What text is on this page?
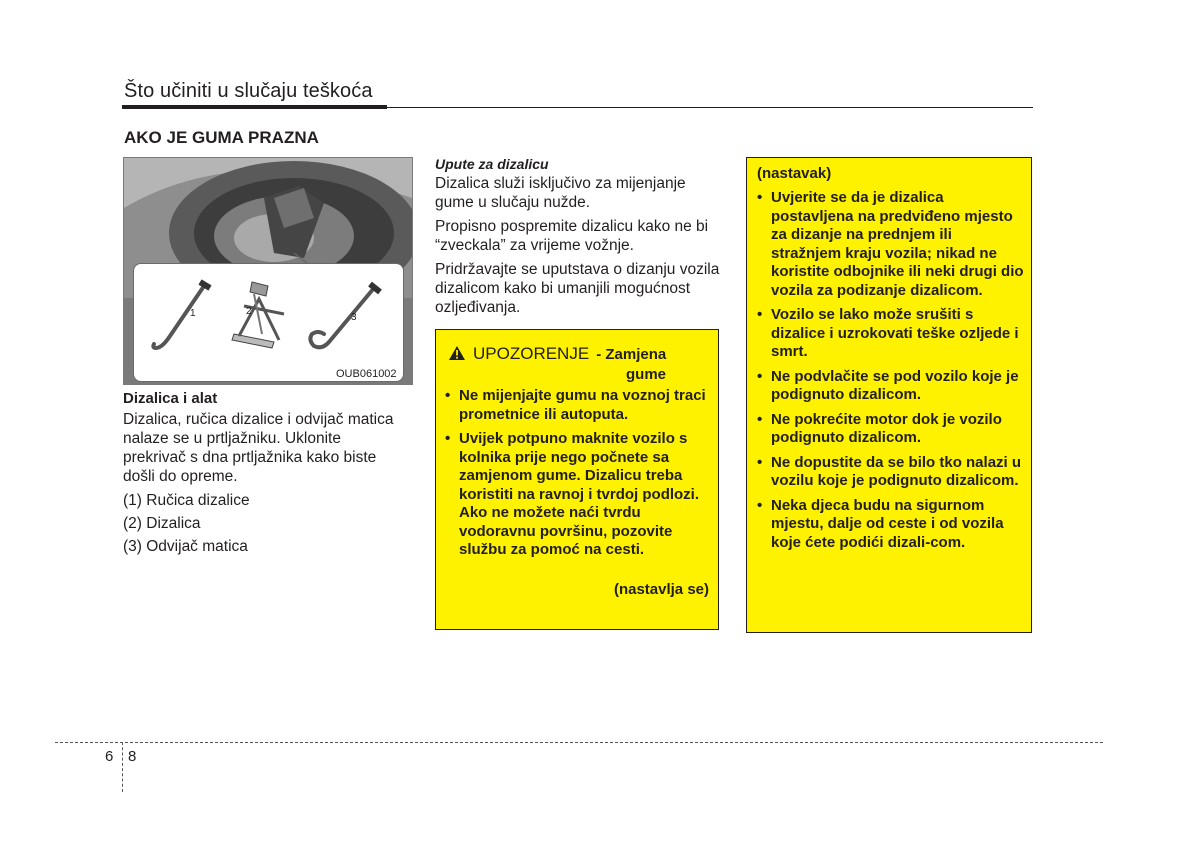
Što učiniti u slučaju teškoća
AKO JE GUMA PRAZNA
1	2
3
OUB061002
Dizalica i alat
Dizalica, ručica dizalice i odvijač matica nalaze se u prtljažniku. Uklonite prekrivač s dna prtljažnika kako biste došli do opreme.
(1) Ručica dizalice
(2) Dizalica
(3) Odvijač matica
Upute za dizalicu
Dizalica služi isključivo za mijenjanje gume u slučaju nužde.
Propisno pospremite dizalicu kako ne bi “zveckala” za vrijeme vožnje.
Pridržavajte se uputstava o dizanju vozila dizalicom kako bi umanjili mogućnost ozljeđivanja.
UPOZORENJE - Zamjena
gume
• Ne mijenjajte gumu na voznoj traci prometnice ili autoputa.
• Uvijek potpuno maknite vozilo s kolnika prije nego počnete sa zamjenom gume. Dizalicu treba koristiti na ravnoj i tvrdoj podlozi. Ako ne možete naći tvrdu vodoravnu površinu, pozovite službu za pomoć na cesti.
(nastavlja se)
(nastavak)
• Uvjerite se da je dizalica postavljena na predviđeno mjesto za dizanje na prednjem ili stražnjem kraju vozila; nikad ne koristite odbojnike ili neki drugi dio vozila za podizanje dizalicom.
• Vozilo se lako može srušiti s dizalice i uzrokovati teške ozljede i smrt.
• Ne podvlačite se pod vozilo koje je podignuto dizalicom.
• Ne pokrećite motor dok je vozilo podignuto dizalicom.
• Ne dopustite da se bilo tko nalazi u vozilu koje je podignuto dizalicom.
• Neka djeca budu na sigurnom mjestu, dalje od ceste i od vozila koje ćete podići dizali-com.
6 8
